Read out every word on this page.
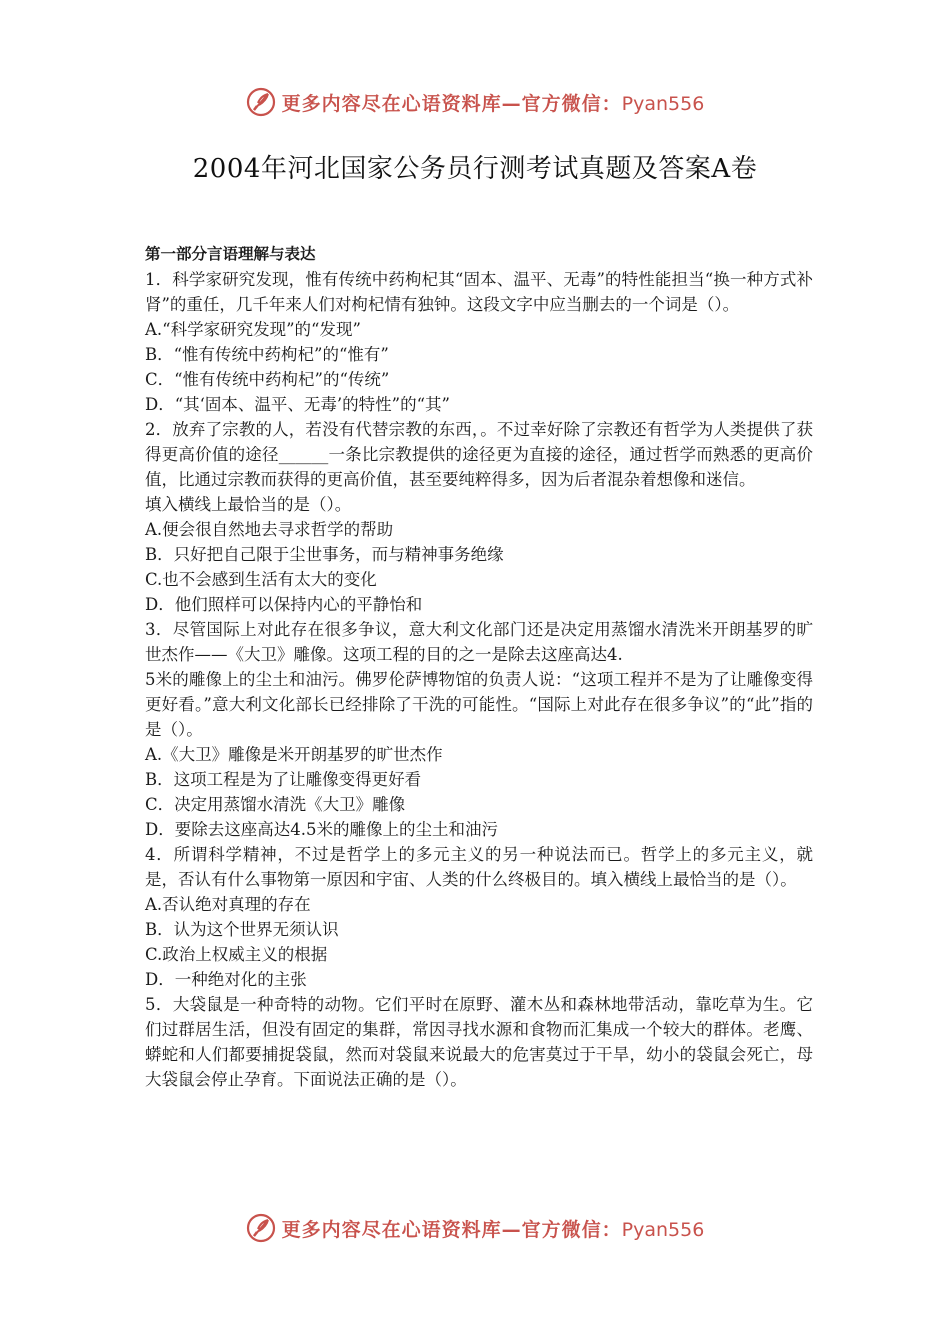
更多内容尽在心语资料库—官方微信：Pyan556
2004年河北国家公务员行测考试真题及答案A卷

第一部分言语理解与表达

1．科学家研究发现，惟有传统中药枸杞其“固本、温平、无毒”的特性能担当“换一种方式补肾”的重任，几千年来人们对枸杞情有独钟。这段文字中应当删去的一个词是（）。

A.“科学家研究发现”的“发现”

B．“惟有传统中药枸杞”的“惟有”

C．“惟有传统中药枸杞”的“传统”

D．“其‘固本、温平、无毒’的特性”的“其”

2．放弃了宗教的人，若没有代替宗教的东西，。不过幸好除了宗教还有哲学为人类提供了获得更高价值的途径______一条比宗教提供的途径更为直接的途径，通过哲学而熟悉的更高价值，比通过宗教而获得的更高价值，甚至要纯粹得多，因为后者混杂着想像和迷信。

填入横线上最恰当的是（）。

A.便会很自然地去寻求哲学的帮助

B．只好把自己限于尘世事务，而与精神事务绝缘

C.也不会感到生活有太大的变化

D．他们照样可以保持内心的平静怡和

3．尽管国际上对此存在很多争议，意大利文化部门还是决定用蒸馏水清洗米开朗基罗的旷世杰作——《大卫》雕像。这项工程的目的之一是除去这座高达4.

5米的雕像上的尘土和油污。佛罗伦萨博物馆的负责人说：“这项工程并不是为了让雕像变得更好看。”意大利文化部长已经排除了干洗的可能性。“国际上对此存在很多争议”的“此”指的是（）。

A.《大卫》雕像是米开朗基罗的旷世杰作

B．这项工程是为了让雕像变得更好看

C．决定用蒸馏水清洗《大卫》雕像

D．要除去这座高达4.5米的雕像上的尘土和油污

4．所谓科学精神，不过是哲学上的多元主义的另一种说法而已。哲学上的多元主义，就是，否认有什么事物第一原因和宇宙、人类的什么终极目的。填入横线上最恰当的是（）。

A.否认绝对真理的存在

B．认为这个世界无须认识

C.政治上权威主义的根据

D．一种绝对化的主张

5．大袋鼠是一种奇特的动物。它们平时在原野、灌木丛和森林地带活动，靠吃草为生。它们过群居生活，但没有固定的集群，常因寻找水源和食物而汇集成一个较大的群体。老鹰、蟒蛇和人们都要捕捉袋鼠，然而对袋鼠来说最大的危害莫过于干旱，幼小的袋鼠会死亡，母大袋鼠会停止孕育。下面说法正确的是（）。

更多内容尽在心语资料库—官方微信：Pyan556
